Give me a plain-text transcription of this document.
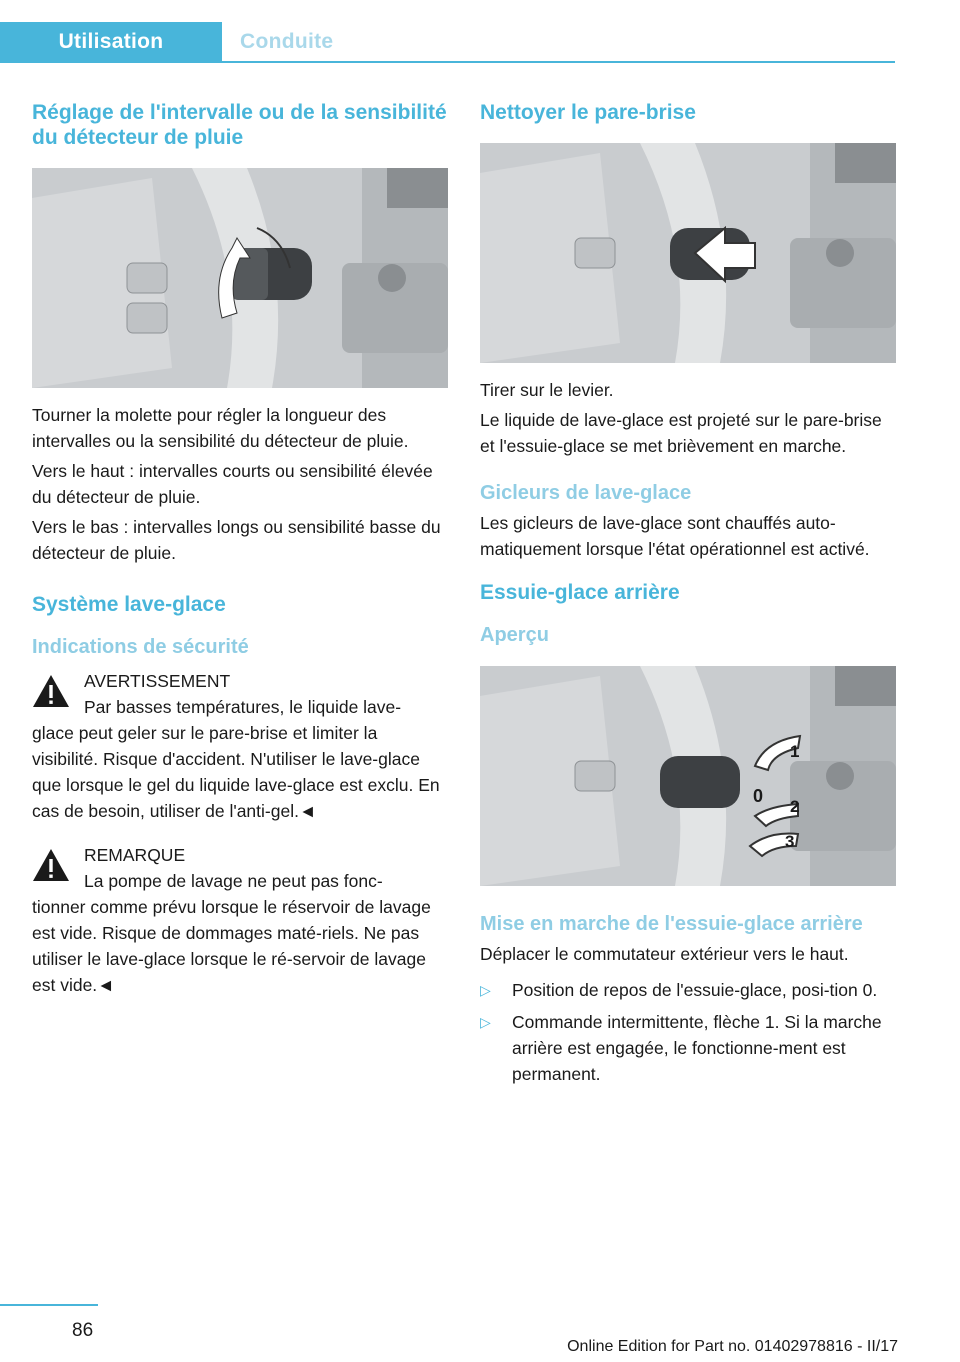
Utilisation	Conduite
Réglage de l'intervalle ou de la sensibilité du détecteur de pluie

Tourner la molette pour régler la longueur des intervalles ou la sensibilité du détecteur de pluie.

Vers le haut : intervalles courts ou sensibilité élevée du détecteur de pluie.

Vers le bas : intervalles longs ou sensibilité basse du détecteur de pluie.

Système lave-glace
Indications de sécurité
AVERTISSEMENT
Par basses températures, le liquide lave-
glace peut geler sur le pare-brise et limiter la visibilité. Risque d'accident. N'utiliser le lave-glace que lorsque le gel du liquide lave-glace est exclu. En cas de besoin, utiliser de l'anti-gel.◄
REMARQUE
La pompe de lavage ne peut pas fonc-
tionner comme prévu lorsque le réservoir de lavage est vide. Risque de dommages maté-riels. Ne pas utiliser le lave-glace lorsque le ré-servoir de lavage est vide.◄
Nettoyer le pare-brise

Tirer sur le levier.

Le liquide de lave-glace est projeté sur le pare-brise et l'essuie-glace se met brièvement en marche.

Gicleurs de lave-glace

Les gicleurs de lave-glace sont chauffés auto-matiquement lorsque l'état opérationnel est activé.

Essuie-glace arrière
Aperçu
1
0
2
3
Mise en marche de l'essuie-glace arrière

Déplacer le commutateur extérieur vers le haut.

▷ Position de repos de l'essuie-glace, posi-tion 0.
▷ Commande intermittente, flèche 1. Si la marche arrière est engagée, le fonctionne-ment est permanent.
86
Online Edition for Part no. 01402978816 - II/17
